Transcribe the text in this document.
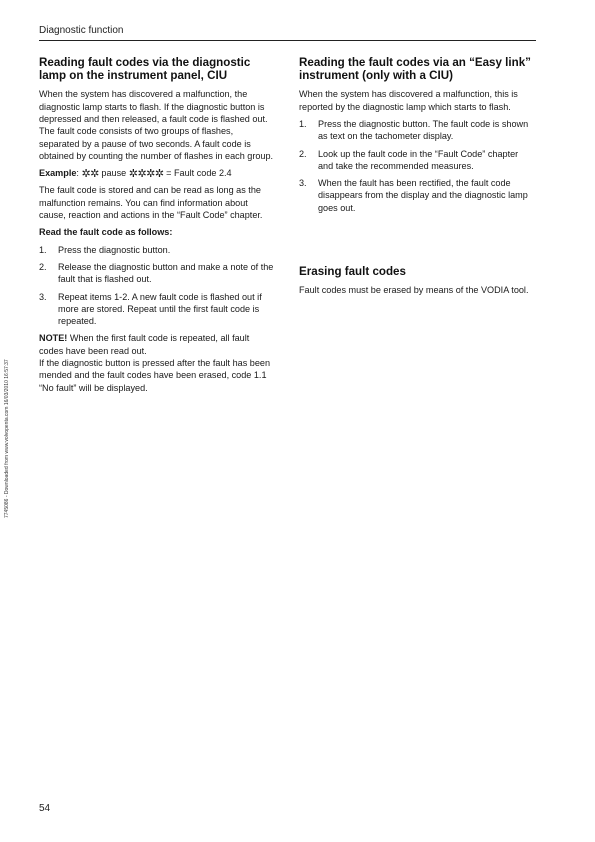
Diagnostic function
7745086 - Downloaded from www.volvopenta.com 16/03/2010 16:57:37
Reading fault codes via the diagnostic lamp on the instrument panel, CIU

When the system has discovered a malfunction, the diagnostic lamp starts to flash. If the diagnostic button is depressed and then released, a fault code is flashed out.

The fault code consists of two groups of flashes, separated by a pause of two seconds. A fault code is obtained by counting the number of flashes in each group.

Example: ✲✲ pause ✲✲✲✲ = Fault code 2.4

The fault code is stored and can be read as long as the malfunction remains. You can find information about cause, reaction and actions in the “Fault Code” chapter.

Read the fault code as follows:

1. Press the diagnostic button.
2. Release the diagnostic button and make a note of the fault that is flashed out.
3. Repeat items 1-2. A new fault code is flashed out if more are stored. Repeat until the first fault code is repeated.

NOTE! When the first fault code is repeated, all fault codes have been read out.

If the diagnostic button is pressed after the fault has been mended and the fault codes have been erased, code 1.1 “No fault” will be displayed.

Reading the fault codes via an “Easy link” instrument (only with a CIU)

When the system has discovered a malfunction, this is reported by the diagnostic lamp which starts to flash.

1. Press the diagnostic button. The fault code is shown as text on the tachometer display.
2. Look up the fault code in the “Fault Code” chapter and take the recommended measures.
3. When the fault has been rectified, the fault code disappears from the display and the diagnostic lamp goes out.
Erasing fault codes

Fault codes must be erased by means of the VODIA tool.

54
